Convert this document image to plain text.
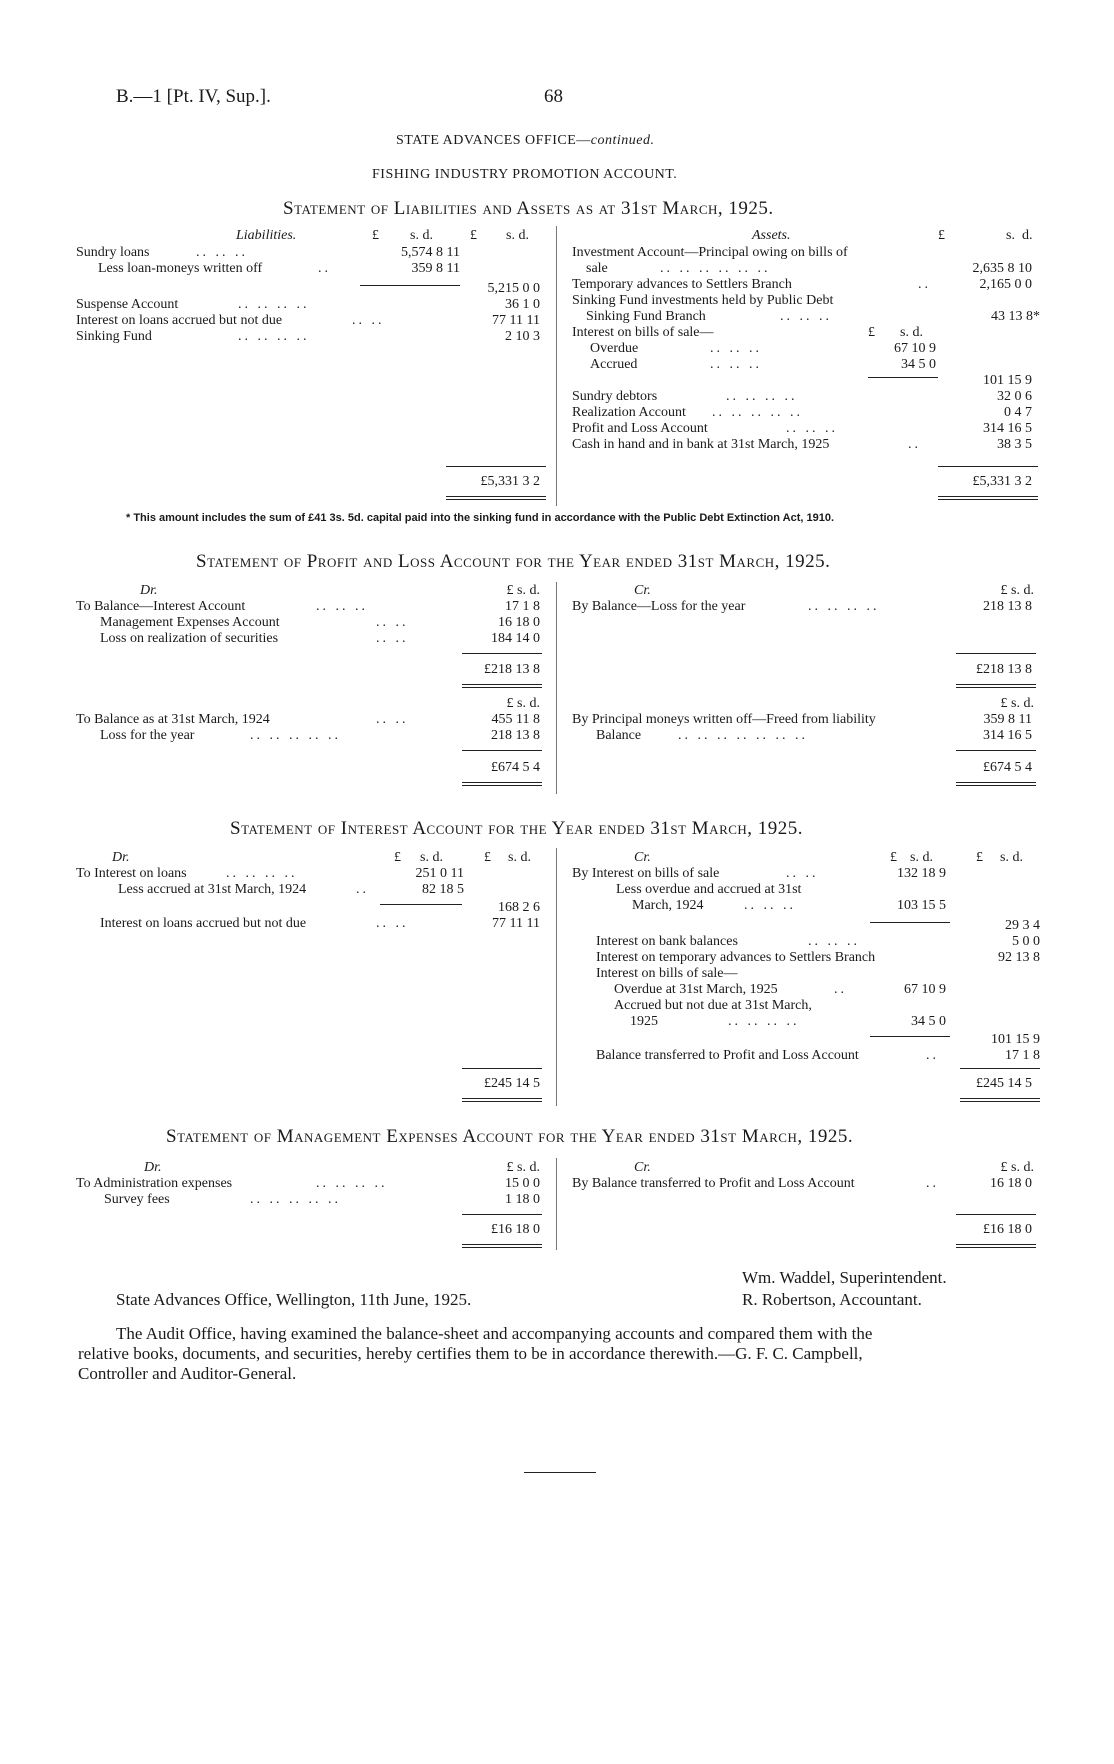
B.—1 [Pt. IV, Sup.].	68
STATE ADVANCES OFFICE—continued.
FISHING INDUSTRY PROMOTION ACCOUNT.
Statement of Liabilities and Assets as at 31st March, 1925.
Liabilities.	£ s. d.	£ s. d.
Sundry loans	.. .. ..	5,574 8 11
Less loan-moneys written off	..	359 8 11
5,215 0 0
Suspense Account	.. .. .. ..	36 1 0
Interest on loans accrued but not due	.. ..	77 11 11
Sinking Fund	.. .. .. ..	2 10 3
£5,331 3 2
Assets.	£	s. d.
Investment Account—Principal owing on bills of
sale	.. .. .. .. .. ..	2,635 8 10
Temporary advances to Settlers Branch	..	2,165 0 0
Sinking Fund investments held by Public Debt
Sinking Fund Branch	.. .. ..	43 13 8*
Interest on bills of sale—	£ s. d.
Overdue	.. .. ..	67 10 9
Accrued	.. .. ..	34 5 0
101 15 9
Sundry debtors	.. .. .. ..	32 0 6
Realization Account .. .. .. .. ..	0 4 7
Profit and Loss Account	.. .. ..	314 16 5
Cash in hand and in bank at 31st March, 1925	..	38 3 5
£5,331 3 2
* This amount includes the sum of £41 3s. 5d. capital paid into the sinking fund in accordance with the Public Debt Extinction Act, 1910.
Statement of Profit and Loss Account for the Year ended 31st March, 1925.
Dr.	£ s. d.	Cr.	£ s. d.
To Balance—Interest Account	.. .. ..	17 1 8
Management Expenses Account	.. ..	16 18 0
Loss on realization of securities	.. ..	184 14 0
£218 13 8
By Balance—Loss for the year	.. .. .. ..	218 13 8
£218 13 8
£ s. d.	£ s. d.
To Balance as at 31st March, 1924	.. ..	455 11 8
Loss for the year	.. .. .. .. ..	218 13 8
£674 5 4
By Principal moneys written off—Freed from liability	359 8 11
Balance	.. .. .. .. .. .. ..	314 16 5
£674 5 4
Statement of Interest Account for the Year ended 31st March, 1925.
Dr.	£ s. d.	£ s. d.	Cr.	£ s. d.	£ s. d.
To Interest on loans	.. .. .. ..	251 0 11
Less accrued at 31st March, 1924	..	82 18 5
168 2 6
Interest on loans accrued but not due	.. ..	77 11 11
£245 14 5
By Interest on bills of sale	.. ..	132 18 9
Less overdue and accrued at 31st
March, 1924	.. .. ..	103 15 5
29 3 4
Interest on bank balances	.. .. ..	5 0 0
Interest on temporary advances to Settlers Branch	92 13 8
Interest on bills of sale—
Overdue at 31st March, 1925	..	67 10 9
Accrued but not due at 31st March,
1925	.. .. .. ..	34 5 0
101 15 9
Balance transferred to Profit and Loss Account	..	17 1 8
£245 14 5
Statement of Management Expenses Account for the Year ended 31st March, 1925.
Dr.	£ s. d.	Cr.	£ s. d.
To Administration expenses	.. .. .. ..	15 0 0
Survey fees	.. .. .. .. ..	1 18 0
£16 18 0
By Balance transferred to Profit and Loss Account	..	16 18 0
£16 18 0
Wm. Waddel, Superintendent.
State Advances Office, Wellington, 11th June, 1925.	R. Robertson, Accountant.
The Audit Office, having examined the balance-sheet and accompanying accounts and compared them with the
relative books, documents, and securities, hereby certifies them to be in accordance therewith.—G. F. C. Campbell,
Controller and Auditor-General.
